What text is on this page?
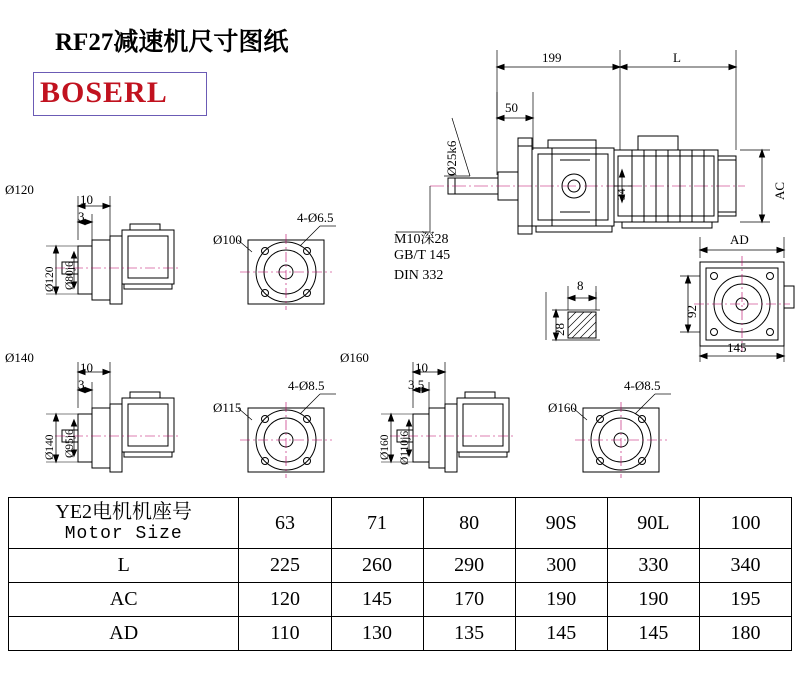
RF27减速机尺寸图纸
BOSERL
199	L
50
Ø25k6
34	AC
M10深28
GB/T 145
DIN 332
8
28
AD
92
145
Ø120
10
3
Ø120 Ø80j6
Ø100
4-Ø6.5
Ø140
10
3
Ø140 Ø95j6
Ø115
4-Ø8.5
Ø160
10
3.5
Ø160 Ø110j6
Ø160
4-Ø8.5
YE2电机机座号
Motor Size	63	71	80	90S	90L	100
L	225	260	290	300	330	340
AC	120	145	170	190	190	195
AD	110	130	135	145	145	180
